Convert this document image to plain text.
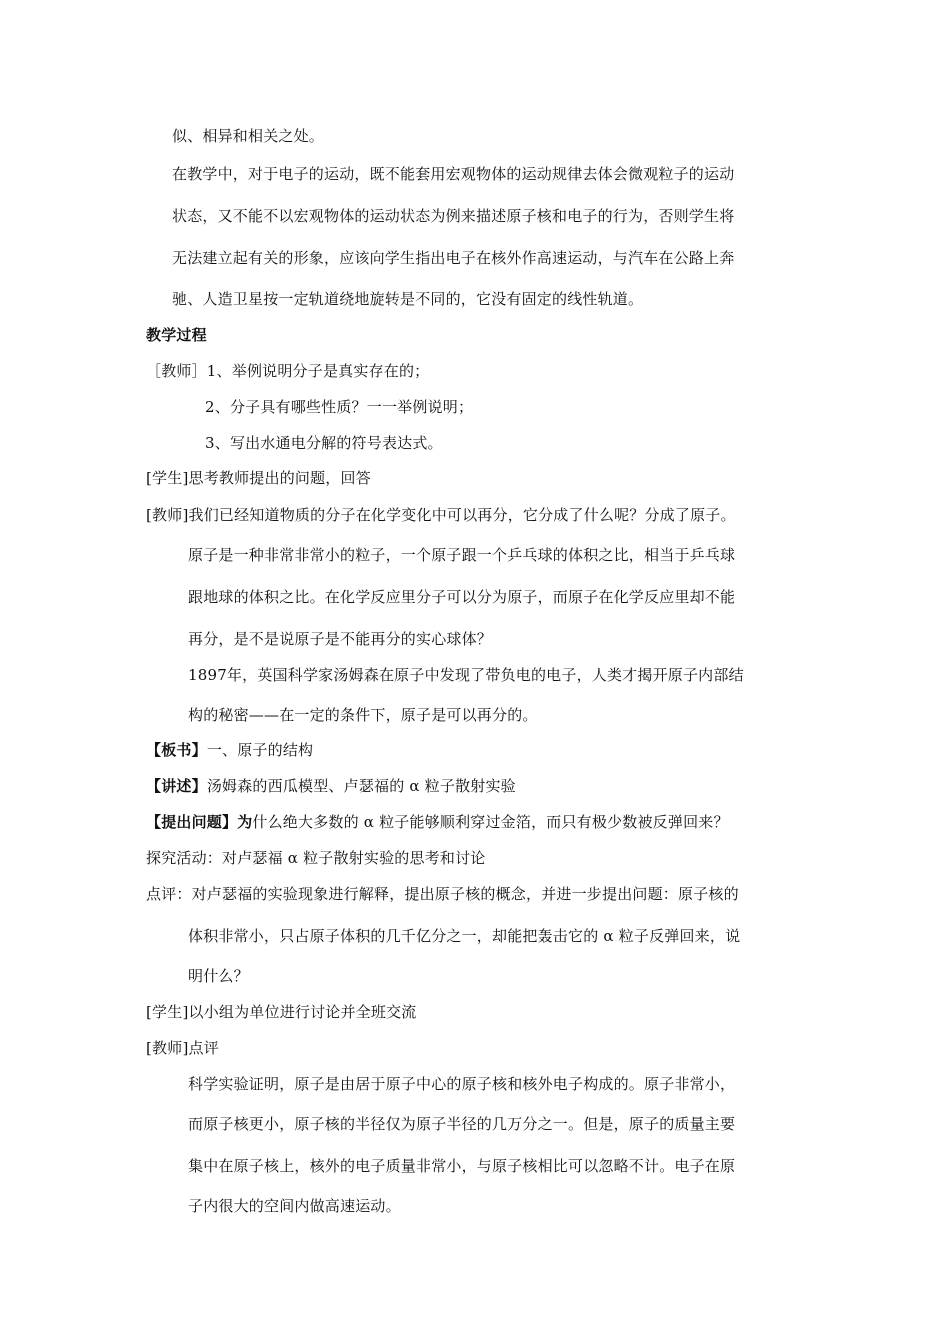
似、相异和相关之处。
在教学中，对于电子的运动，既不能套用宏观物体的运动规律去体会微观粒子的运动
状态，又不能不以宏观物体的运动状态为例来描述原子核和电子的行为，否则学生将
无法建立起有关的形象，应该向学生指出电子在核外作高速运动，与汽车在公路上奔
驰、人造卫星按一定轨道绕地旋转是不同的，它没有固定的线性轨道。
教学过程
［教师］1、举例说明分子是真实存在的；
2、分子具有哪些性质？一一举例说明；
3、写出水通电分解的符号表达式。
[学生]思考教师提出的问题，回答
[教师]我们已经知道物质的分子在化学变化中可以再分，它分成了什么呢？分成了原子。
原子是一种非常非常小的粒子，一个原子跟一个乒乓球的体积之比，相当于乒乓球
跟地球的体积之比。在化学反应里分子可以分为原子，而原子在化学反应里却不能
再分，是不是说原子是不能再分的实心球体？
1897年，英国科学家汤姆森在原子中发现了带负电的电子，人类才揭开原子内部结
构的秘密——在一定的条件下，原子是可以再分的。
【板书】一、原子的结构
【讲述】汤姆森的西瓜模型、卢瑟福的 α 粒子散射实验
【提出问题】为什么绝大多数的 α 粒子能够顺利穿过金箔，而只有极少数被反弹回来？
探究活动：对卢瑟福 α 粒子散射实验的思考和讨论
点评：对卢瑟福的实验现象进行解释，提出原子核的概念，并进一步提出问题：原子核的
体积非常小，只占原子体积的几千亿分之一，却能把轰击它的 α 粒子反弹回来，说
明什么？
[学生]以小组为单位进行讨论并全班交流
[教师]点评
科学实验证明，原子是由居于原子中心的原子核和核外电子构成的。原子非常小，
而原子核更小，原子核的半径仅为原子半径的几万分之一。但是，原子的质量主要
集中在原子核上，核外的电子质量非常小，与原子核相比可以忽略不计。电子在原
子内很大的空间内做高速运动。
